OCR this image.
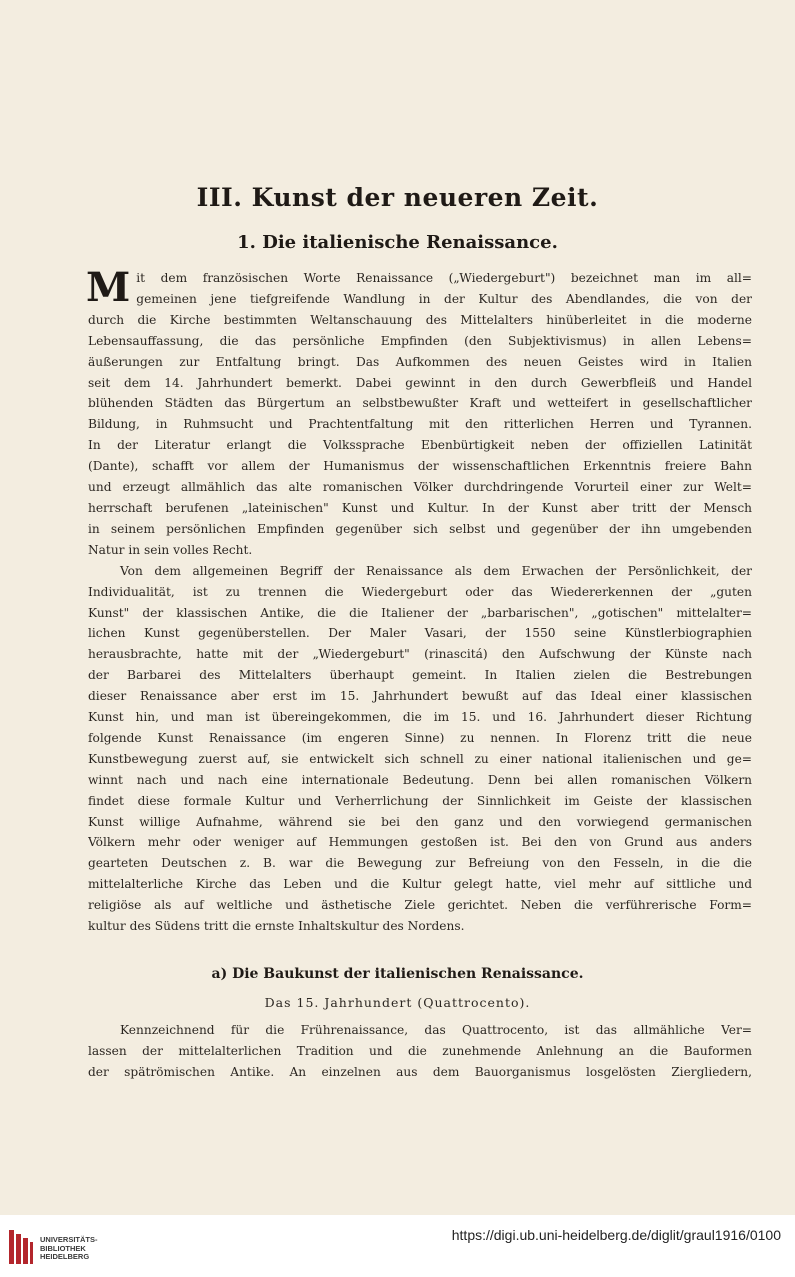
III. Kunst der neueren Zeit.
1. Die italienische Renaissance.
M it dem französischen Worte Renaissance („Wiedergeburt") bezeichnet man im all=
gemeinen jene tiefgreifende Wandlung in der Kultur des Abendlandes, die von der
durch die Kirche bestimmten Weltanschauung des Mittelalters hinüberleitet in die moderne
Lebensauffassung, die das persönliche Empfinden (den Subjektivismus) in allen Lebens=
äußerungen zur Entfaltung bringt. Das Aufkommen des neuen Geistes wird in Italien
seit dem 14. Jahrhundert bemerkt. Dabei gewinnt in den durch Gewerbfleiß und Handel
blühenden Städten das Bürgertum an selbstbewußter Kraft und wetteifert in gesellschaftlicher
Bildung, in Ruhmsucht und Prachtentfaltung mit den ritterlichen Herren und Tyrannen.
In der Literatur erlangt die Volkssprache Ebenbürtigkeit neben der offiziellen Latinität
(Dante), schafft vor allem der Humanismus der wissenschaftlichen Erkenntnis freiere Bahn
und erzeugt allmählich das alte romanischen Völker durchdringende Vorurteil einer zur Welt=
herrschaft berufenen „lateinischen" Kunst und Kultur. In der Kunst aber tritt der Mensch
in seinem persönlichen Empfinden gegenüber sich selbst und gegenüber der ihn umgebenden
Natur in sein volles Recht.
Von dem allgemeinen Begriff der Renaissance als dem Erwachen der Persönlichkeit, der
Individualität, ist zu trennen die Wiedergeburt oder das Wiedererkennen der „guten
Kunst" der klassischen Antike, die die Italiener der „barbarischen", „gotischen" mittelalter=
lichen Kunst gegenüberstellen. Der Maler Vasari, der 1550 seine Künstlerbiographien
herausbrachte, hatte mit der „Wiedergeburt" (rinascitá) den Aufschwung der Künste nach
der Barbarei des Mittelalters überhaupt gemeint. In Italien zielen die Bestrebungen
dieser Renaissance aber erst im 15. Jahrhundert bewußt auf das Ideal einer klassischen
Kunst hin, und man ist übereingekommen, die im 15. und 16. Jahrhundert dieser Richtung
folgende Kunst Renaissance (im engeren Sinne) zu nennen. In Florenz tritt die neue
Kunstbewegung zuerst auf, sie entwickelt sich schnell zu einer national italienischen und ge=
winnt nach und nach eine internationale Bedeutung. Denn bei allen romanischen Völkern
findet diese formale Kultur und Verherrlichung der Sinnlichkeit im Geiste der klassischen
Kunst willige Aufnahme, während sie bei den ganz und den vorwiegend germanischen
Völkern mehr oder weniger auf Hemmungen gestoßen ist. Bei den von Grund aus anders
gearteten Deutschen z. B. war die Bewegung zur Befreiung von den Fesseln, in die die
mittelalterliche Kirche das Leben und die Kultur gelegt hatte, viel mehr auf sittliche und
religiöse als auf weltliche und ästhetische Ziele gerichtet. Neben die verführerische Form=
kultur des Südens tritt die ernste Inhaltskultur des Nordens.
a) Die Baukunst der italienischen Renaissance.
Das 15. Jahrhundert (Quattrocento).
Kennzeichnend für die Frührenaissance, das Quattrocento, ist das allmähliche Ver=
lassen der mittelalterlichen Tradition und die zunehmende Anlehnung an die Bauformen
der spätrömischen Antike. An einzelnen aus dem Bauorganismus losgelösten Ziergliedern,
UNIVERSITÄTS-
BIBLIOTHEK
HEIDELBERG
https://digi.ub.uni-heidelberg.de/diglit/graul1916/0100
